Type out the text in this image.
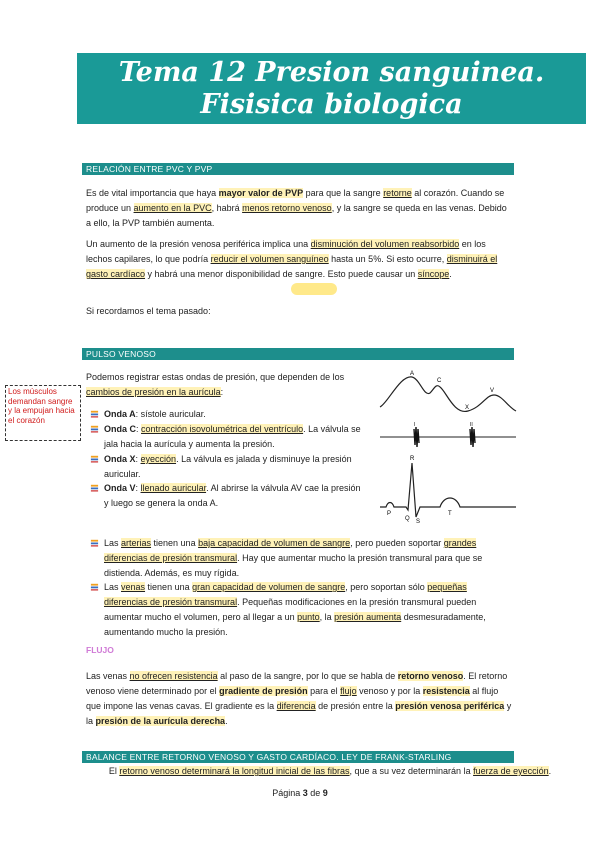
Tema 12 Presion sanguinea. Fisisica biologica
RELACIÓN ENTRE PVC Y PVP
Es de vital importancia que haya mayor valor de PVP para que la sangre retorne al corazón. Cuando se produce un aumento en la PVC, habrá menos retorno venoso, y la sangre se queda en las venas. Debido a ello, la PVP también aumenta.
Un aumento de la presión venosa periférica implica una disminución del volumen reabsorbido en los lechos capilares, lo que podría reducir el volumen sanguíneo hasta un 5%. Si esto ocurre, disminuirá el gasto cardíaco y habrá una menor disponibilidad de sangre. Esto puede causar un síncope.
Si recordamos el tema pasado:
PULSO VENOSO
Los músculos demandan sangre y la empujan hacia el corazón
Podemos registrar estas ondas de presión, que dependen de los cambios de presión en la aurícula:
Onda A: sístole auricular.
Onda C: contracción isovolumétrica del ventrículo. La válvula se jala hacia la aurícula y aumenta la presión.
Onda X: eyección. La válvula es jalada y disminuye la presión auricular.
Onda V: llenado auricular. Al abrirse la válvula AV cae la presión y luego se genera la onda A.
A
C
X
V
I	II
R
P
Q S
T
Las arterias tienen una baja capacidad de volumen de sangre, pero pueden soportar grandes diferencias de presión transmural. Hay que aumentar mucho la presión transmural para que se distienda. Además, es muy rígida.
Las venas tienen una gran capacidad de volumen de sangre, pero soportan sólo pequeñas diferencias de presión transmural. Pequeñas modificaciones en la presión transmural pueden aumentar mucho el volumen, pero al llegar a un punto, la presión aumenta desmesuradamente, aumentando mucho la presión.
FLUJO
Las venas no ofrecen resistencia al paso de la sangre, por lo que se habla de retorno venoso. El retorno venoso viene determinado por el gradiente de presión para el flujo venoso y por la resistencia al flujo que impone las venas cavas. El gradiente es la diferencia de presión entre la presión venosa periférica y la presión de la aurícula derecha.
BALANCE ENTRE RETORNO VENOSO Y GASTO CARDÍACO. LEY DE FRANK-STARLING
El retorno venoso determinará la longitud inicial de las fibras, que a su vez determinarán la fuerza de eyección.
Página 3 de 9
